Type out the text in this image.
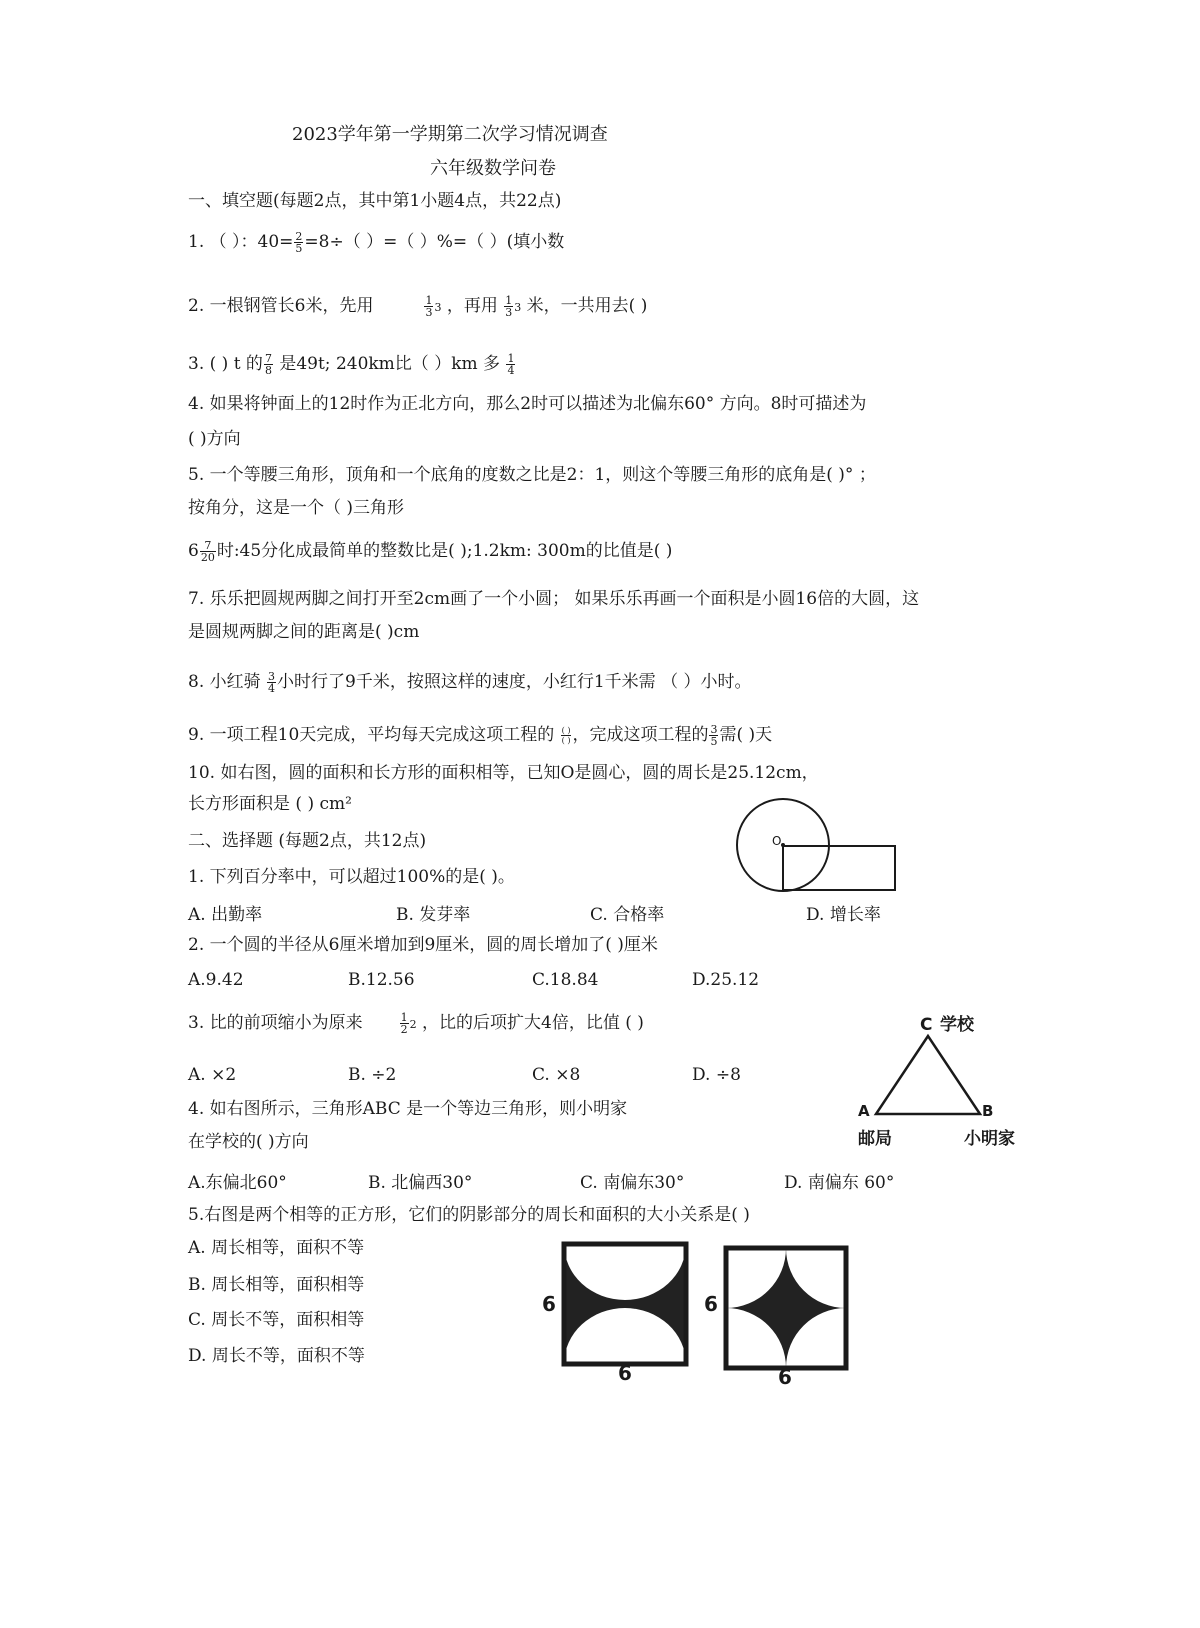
2023学年第一学期第二次学习情况调查
六年级数学问卷
一、填空题(每题2点，其中第1小题4点，共22点)
1. （ ）：$40= \frac{2}{5} =8\div$（ ）=（ ）%=（ ）(填小数
2. 一根钢管长6米，先用	$\frac{1}{3} 3$ ，再用 $\frac{1}{3} 3$ 米，一共用去( )
3. ( ) t 的 $\frac{7}{8}$ 是49t; 240km比（ ）km 多 $\frac{1}{4}$
4. 如果将钟面上的12时作为正北方向，那么2时可以描述为北偏东60° 方向。8时可描述为
( )方向
5. 一个等腰三角形，顶角和一个底角的度数之比是2：1，则这个等腰三角形的底角是( )° ；
按角分，这是一个（ )三角形
$6 \frac{7}{20}$ 时:45分化成最简单的整数比是( );1.2km: 300m的比值是( )
7. 乐乐把圆规两脚之间打开至2cm画了一个小圆； 如果乐乐再画一个面积是小圆16倍的大圆，这
是圆规两脚之间的距离是( )cm
8. 小红骑 $\frac{3}{4}$ 小时行了9千米，按照这样的速度，小红行1千米需 （ ）小时。
9. 一项工程10天完成，平均每天完成这项工程的 $\frac{( )}{( )}$ ，完成这项工程的 $\frac{3}{5}$ 需( )天
10. 如右图，圆的面积和长方形的面积相等，已知O是圆心，圆的周长是25.12cm，
长方形面积是 ( ) cm²
二、选择题 (每题2点，共12点)
1. 下列百分率中，可以超过100%的是( )。
A. 出勤率	B. 发芽率	C. 合格率	D. 增长率
2. 一个圆的半径从6厘米增加到9厘米，圆的周长增加了( )厘米
A.9.42	B.12.56	C.18.84	D.25.12
3. 比的前项缩小为原来	$\frac{1}{2} 2$ ，比的后项扩大4倍，比值 ( )
A. ×2	B. ÷2	C. ×8	D. ÷8
4. 如右图所示，三角形ABC 是一个等边三角形，则小明家
在学校的( )方向
A.东偏北60°	B. 北偏西30°	C. 南偏东30°	D. 南偏东 60°
5.右图是两个相等的正方形，它们的阴影部分的周长和面积的大小关系是( )
A. 周长相等，面积不等
B. 周长相等，面积相等
C. 周长不等，面积相等
D. 周长不等，面积不等
O
C 学校
A	B
邮局	小明家
6
6
6
6
